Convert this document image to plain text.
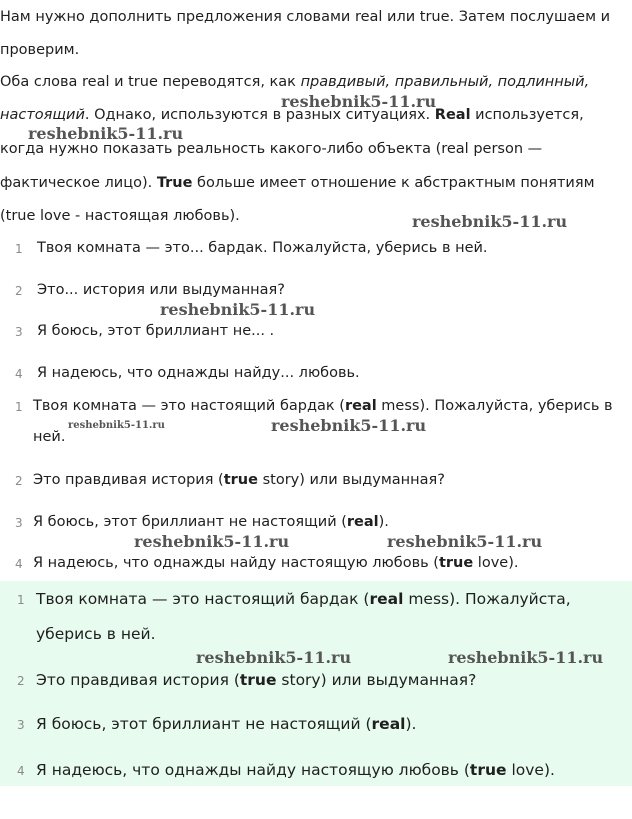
Нам нужно дополнить предложения словами real или true. Затем послушаем и
проверим.
Оба слова real и true переводятся, как правдивый, правильный, подлинный,
настоящий. Однако, используются в разных ситуациях. Real используется,
когда нужно показать реальность какого-либо объекта (real person —
фактическое лицо). True больше имеет отношение к абстрактным понятиям
(true love - настоящая любовь).
1 Твоя комната — это... бардак. Пожалуйста, уберись в ней.
2 Это... история или выдуманная?
3 Я боюсь, этот бриллиант не... .
4 Я надеюсь, что однажды найду... любовь.
1 Твоя комната — это настоящий бардак (real mess). Пожалуйста, уберись в
ней.
2 Это правдивая история (true story) или выдуманная?
3 Я боюсь, этот бриллиант не настоящий (real).
4 Я надеюсь, что однажды найду настоящую любовь (true love).
1 Твоя комната — это настоящий бардак (real mess). Пожалуйста,
уберись в ней.
2 Это правдивая история (true story) или выдуманная?
3 Я боюсь, этот бриллиант не настоящий (real).
4 Я надеюсь, что однажды найду настоящую любовь (true love).
reshebnik5-11.ru
reshebnik5-11.ru
reshebnik5-11.ru
reshebnik5-11.ru
reshebnik5-11.ru	reshebnik5-11.ru
reshebnik5-11.ru	reshebnik5-11.ru
reshebnik5-11.ru	reshebnik5-11.ru
